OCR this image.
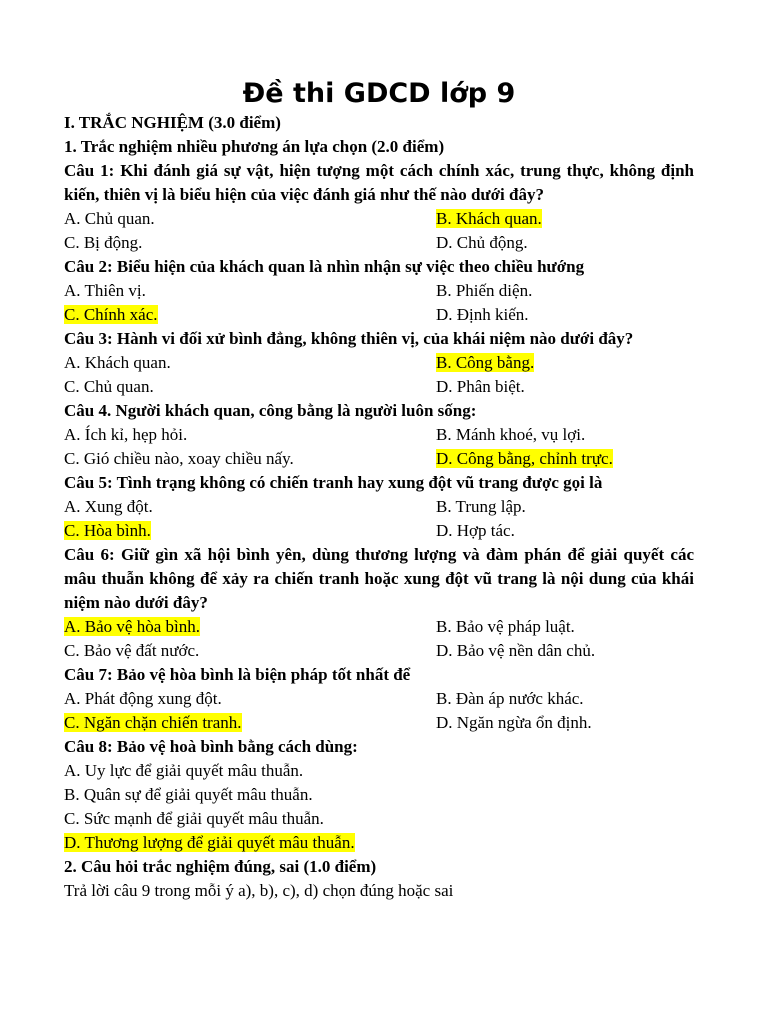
Đề thi GDCD lớp 9

I. TRẮC NGHIỆM (3.0 điểm)

1. Trắc nghiệm nhiều phương án lựa chọn (2.0 điểm)

Câu 1: Khi đánh giá sự vật, hiện tượng một cách chính xác, trung thực, không định kiến, thiên vị là biểu hiện của việc đánh giá như thế nào dưới đây?

A. Chủ quan.	B. Khách quan.
C. Bị động.	D. Chủ động.

Câu 2: Biểu hiện của khách quan là nhìn nhận sự việc theo chiều hướng

A. Thiên vị.	B. Phiến diện.
C. Chính xác.	D. Định kiến.

Câu 3: Hành vi đối xử bình đẳng, không thiên vị, của khái niệm nào dưới đây?

A. Khách quan.	B. Công bằng.
C. Chủ quan.	D. Phân biệt.

Câu 4. Người khách quan, công bằng là người luôn sống:

A. Ích kỉ, hẹp hỏi.	B. Mánh khoé, vụ lợi.
C. Gió chiều nào, xoay chiều nấy.	D. Công bằng, chỉnh trực.

Câu 5: Tình trạng không có chiến tranh hay xung đột vũ trang được gọi là

A. Xung đột.	B. Trung lập.
C. Hòa bình.	D. Hợp tác.

Câu 6: Giữ gìn xã hội bình yên, dùng thương lượng và đàm phán để giải quyết các mâu thuẫn không để xảy ra chiến tranh hoặc xung đột vũ trang là nội dung của khái niệm nào dưới đây?

A. Bảo vệ hòa bình.	B. Bảo vệ pháp luật.
C. Bảo vệ đất nước.	D. Bảo vệ nền dân chủ.

Câu 7: Bảo vệ hòa bình là biện pháp tốt nhất để

A. Phát động xung đột.	B. Đàn áp nước khác.
C. Ngăn chặn chiến tranh.	D. Ngăn ngừa ổn định.

Câu 8: Bảo vệ hoà bình bằng cách dùng:

A. Uy lực để giải quyết mâu thuẫn.

B. Quân sự để giải quyết mâu thuẫn.

C. Sức mạnh để giải quyết mâu thuẫn.

D. Thương lượng để giải quyết mâu thuẫn.

2. Câu hỏi trắc nghiệm đúng, sai (1.0 điểm)

Trả lời câu 9 trong mỗi ý a), b), c), d) chọn đúng hoặc sai
